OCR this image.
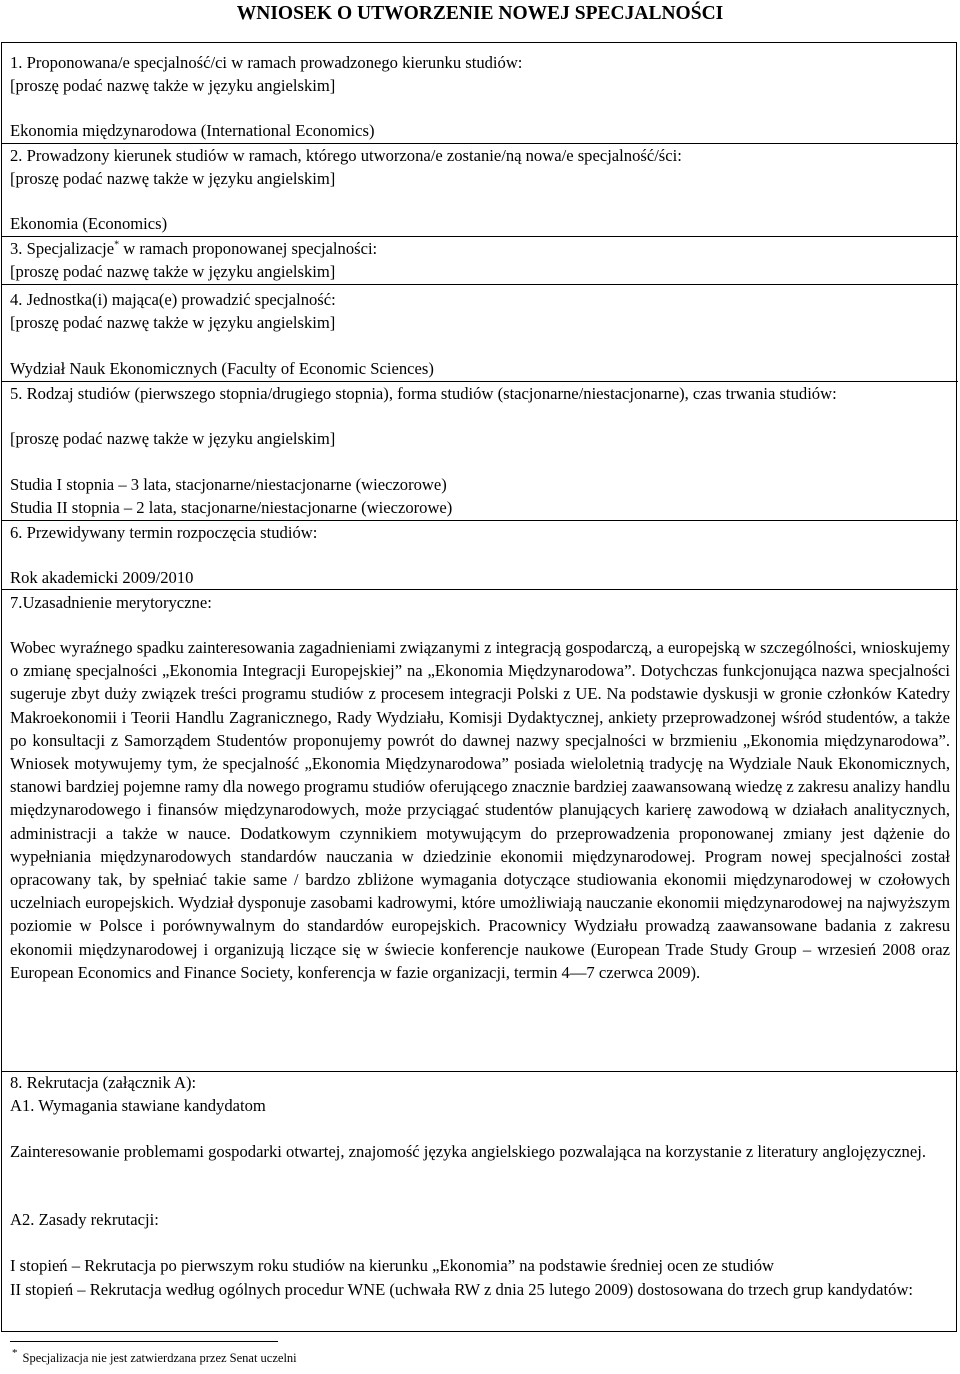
WNIOSEK O UTWORZENIE NOWEJ SPECJALNOŚCI
1. Proponowana/e specjalność/ci w ramach prowadzonego kierunku studiów:
[proszę podać nazwę także w języku angielskim]
Ekonomia międzynarodowa (International Economics)
2. Prowadzony kierunek studiów w ramach, którego utworzona/e zostanie/ną nowa/e specjalność/ści:
[proszę podać nazwę także w języku angielskim]
Ekonomia (Economics)
3. Specjalizacje* w ramach proponowanej specjalności:
[proszę podać nazwę także w języku angielskim]
4. Jednostka(i) mająca(e) prowadzić specjalność:
[proszę podać nazwę także w języku angielskim]
Wydział Nauk Ekonomicznych (Faculty of Economic Sciences)

5. Rodzaj studiów (pierwszego stopnia/drugiego stopnia), forma studiów (stacjonarne/niestacjonarne), czas trwania studiów:

[proszę podać nazwę także w języku angielskim]
Studia I stopnia – 3 lata, stacjonarne/niestacjonarne (wieczorowe)
Studia II stopnia – 2 lata, stacjonarne/niestacjonarne (wieczorowe)
6. Przewidywany termin rozpoczęcia studiów:
Rok akademicki 2009/2010
7.Uzasadnienie merytoryczne:

Wobec wyraźnego spadku zainteresowania zagadnieniami związanymi z integracją gospodarczą, a europejską w szczególności, wnioskujemy o zmianę specjalności „Ekonomia Integracji Europejskiej” na „Ekonomia Międzynarodowa”. Dotychczas funkcjonująca nazwa specjalności sugeruje zbyt duży związek treści programu studiów z procesem integracji Polski z UE. Na podstawie dyskusji w gronie członków Katedry Makroekonomii i Teorii Handlu Zagranicznego, Rady Wydziału, Komisji Dydaktycznej, ankiety przeprowadzonej wśród studentów, a także po konsultacji z Samorządem Studentów proponujemy powrót do dawnej nazwy specjalności w brzmieniu „Ekonomia międzynarodowa”. Wniosek motywujemy tym, że specjalność „Ekonomia Międzynarodowa” posiada wieloletnią tradycję na Wydziale Nauk Ekonomicznych, stanowi bardziej pojemne ramy dla nowego programu studiów oferującego znacznie bardziej zaawansowaną wiedzę z zakresu analizy handlu międzynarodowego i finansów międzynarodowych, może przyciągać studentów planujących karierę zawodową w działach analitycznych, administracji a także w nauce. Dodatkowym czynnikiem motywującym do przeprowadzenia proponowanej zmiany jest dążenie do wypełniania międzynarodowych standardów nauczania w dziedzinie ekonomii międzynarodowej. Program nowej specjalności został opracowany tak, by spełniać takie same / bardzo zbliżone wymagania dotyczące studiowania ekonomii międzynarodowej w czołowych uczelniach europejskich. Wydział dysponuje zasobami kadrowymi, które umożliwiają nauczanie ekonomii międzynarodowej na najwyższym poziomie w Polsce i porównywalnym do standardów europejskich. Pracownicy Wydziału prowadzą zaawansowane badania z zakresu ekonomii międzynarodowej i organizują liczące się w świecie konferencje naukowe (European Trade Study Group – wrzesień 2008 oraz European Economics and Finance Society, konferencja w fazie organizacji, termin 4—7 czerwca 2009).

8. Rekrutacja (załącznik A):
A1. Wymagania stawiane kandydatom

Zainteresowanie problemami gospodarki otwartej, znajomość języka angielskiego pozwalająca na korzystanie z literatury anglojęzycznej.

A2. Zasady rekrutacji:
I stopień – Rekrutacja po pierwszym roku studiów na kierunku „Ekonomia” na podstawie średniej ocen ze studiów

II stopień – Rekrutacja według ogólnych procedur WNE (uchwała RW z dnia 25 lutego 2009) dostosowana do trzech grup kandydatów:

* Specjalizacja nie jest zatwierdzana przez Senat uczelni
